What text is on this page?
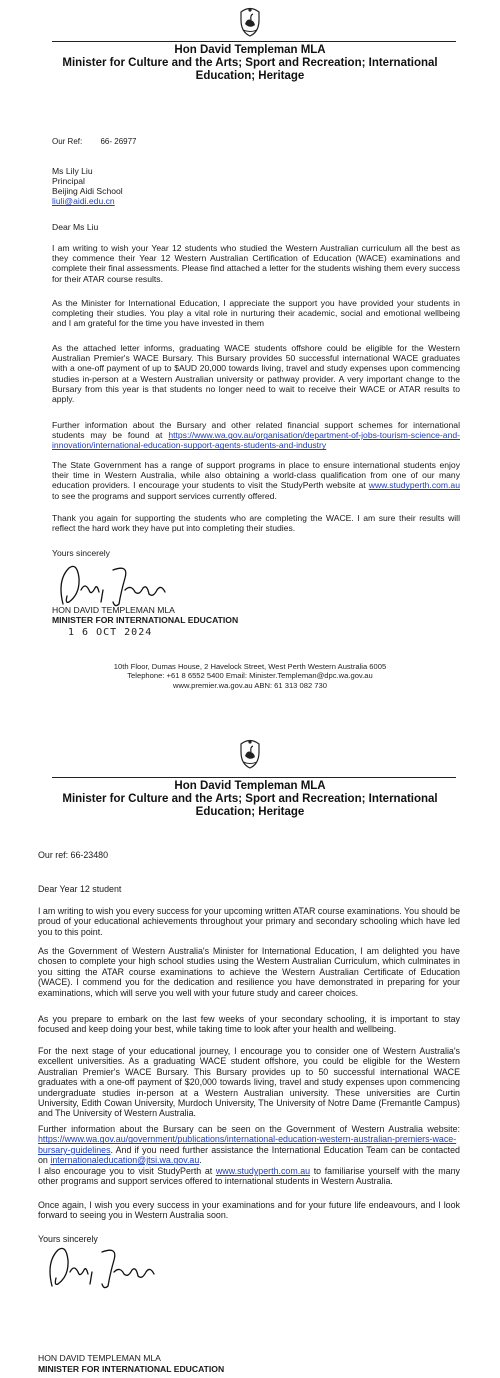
Hon David Templeman MLA
Minister for Culture and the Arts; Sport and Recreation; International Education; Heritage
Our Ref: 66- 26977
Ms Lily Liu
Principal
Beijing Aidi School
liuli@aidi.edu.cn
Dear Ms Liu
I am writing to wish your Year 12 students who studied the Western Australian curriculum all the best as they commence their Year 12 Western Australian Certification of Education (WACE) examinations and complete their final assessments. Please find attached a letter for the students wishing them every success for their ATAR course results.
As the Minister for International Education, I appreciate the support you have provided your students in completing their studies. You play a vital role in nurturing their academic, social and emotional wellbeing and I am grateful for the time you have invested in them
As the attached letter informs, graduating WACE students offshore could be eligible for the Western Australian Premier's WACE Bursary. This Bursary provides 50 successful international WACE graduates with a one-off payment of up to $AUD 20,000 towards living, travel and study expenses upon commencing studies in-person at a Western Australian university or pathway provider. A very important change to the Bursary from this year is that students no longer need to wait to receive their WACE or ATAR results to apply.
Further information about the Bursary and other related financial support schemes for international students may be found at https://www.wa.gov.au/organisation/department-of-jobs-tourism-science-and-innovation/international-education-support-agents-students-and-industry
The State Government has a range of support programs in place to ensure international students enjoy their time in Western Australia, while also obtaining a world-class qualification from one of our many education providers. I encourage your students to visit the StudyPerth website at www.studyperth.com.au to see the programs and support services currently offered.
Thank you again for supporting the students who are completing the WACE. I am sure their results will reflect the hard work they have put into completing their studies.
Yours sincerely
HON DAVID TEMPLEMAN MLA
MINISTER FOR INTERNATIONAL EDUCATION
1 6 OCT 2024
10th Floor, Dumas House, 2 Havelock Street, West Perth Western Australia 6005
Telephone: +61 8 6552 5400 Email: Minister.Templeman@dpc.wa.gov.au
www.premier.wa.gov.au ABN: 61 313 082 730
Hon David Templeman MLA
Minister for Culture and the Arts; Sport and Recreation; International Education; Heritage
Our ref: 66-23480
Dear Year 12 student
I am writing to wish you every success for your upcoming written ATAR course examinations. You should be proud of your educational achievements throughout your primary and secondary schooling which have led you to this point.
As the Government of Western Australia's Minister for International Education, I am delighted you have chosen to complete your high school studies using the Western Australian Curriculum, which culminates in you sitting the ATAR course examinations to achieve the Western Australian Certificate of Education (WACE). I commend you for the dedication and resilience you have demonstrated in preparing for your examinations, which will serve you well with your future study and career choices.
As you prepare to embark on the last few weeks of your secondary schooling, it is important to stay focused and keep doing your best, while taking time to look after your health and wellbeing.
For the next stage of your educational journey, I encourage you to consider one of Western Australia's excellent universities. As a graduating WACE student offshore, you could be eligible for the Western Australian Premier's WACE Bursary. This Bursary provides up to 50 successful international WACE graduates with a one-off payment of $20,000 towards living, travel and study expenses upon commencing undergraduate studies in-person at a Western Australian university. These universities are Curtin University, Edith Cowan University, Murdoch University, The University of Notre Dame (Fremantle Campus) and The University of Western Australia.
Further information about the Bursary can be seen on the Government of Western Australia website: https://www.wa.gov.au/government/publications/international-education-western-australian-premiers-wace-bursary-guidelines. And if you need further assistance the International Education Team can be contacted on internationaleducation@jtsi.wa.gov.au.
I also encourage you to visit StudyPerth at www.studyperth.com.au to familiarise yourself with the many other programs and support services offered to international students in Western Australia.
Once again, I wish you every success in your examinations and for your future life endeavours, and I look forward to seeing you in Western Australia soon.
Yours sincerely
HON DAVID TEMPLEMAN MLA
MINISTER FOR INTERNATIONAL EDUCATION
